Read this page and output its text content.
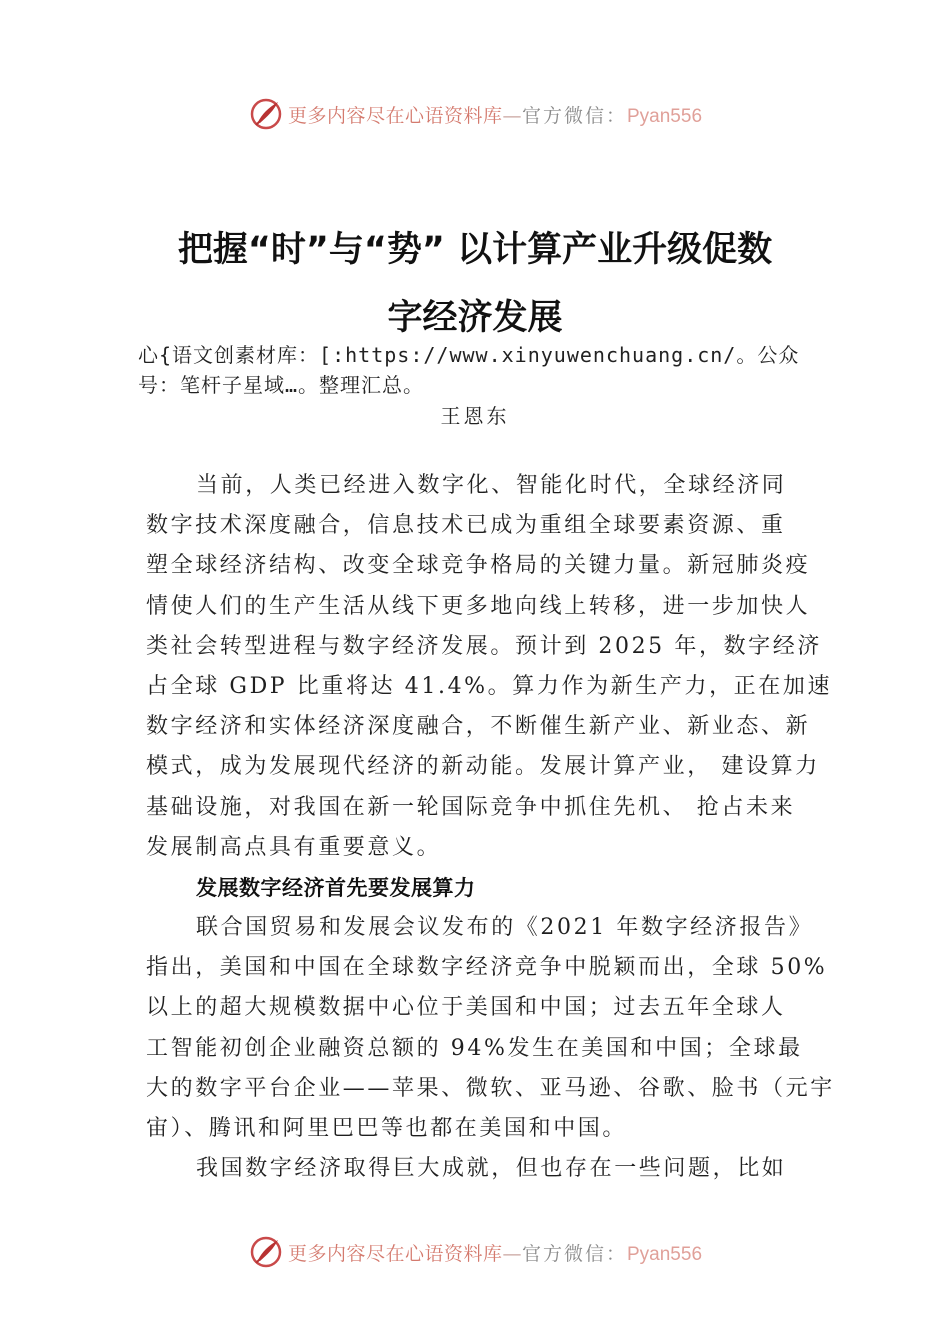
更多内容尽在心语资料库—官方微信：Pyan556
把握“时”与“势” 以计算产业升级促数
字经济发展
心{语文创素材库：[:https://www.xinyuwenchuang.cn/。公众
号：笔杆子星域…。整理汇总。
王恩东
当前，人类已经进入数字化、智能化时代，全球经济同
数字技术深度融合，信息技术已成为重组全球要素资源、重
塑全球经济结构、改变全球竞争格局的关键力量。新冠肺炎疫
情使人们的生产生活从线下更多地向线上转移，进一步加快人
类社会转型进程与数字经济发展。预计到 2025 年，数字经济
占全球 GDP 比重将达 41.4%。算力作为新生产力，正在加速
数字经济和实体经济深度融合，不断催生新产业、新业态、新
模式，成为发展现代经济的新动能。发展计算产业， 建设算力
基础设施，对我国在新一轮国际竞争中抓住先机、 抢占未来
发展制高点具有重要意义。
发展数字经济首先要发展算力
联合国贸易和发展会议发布的《2021 年数字经济报告》
指出，美国和中国在全球数字经济竞争中脱颖而出，全球 50%
以上的超大规模数据中心位于美国和中国；过去五年全球人
工智能初创企业融资总额的 94%发生在美国和中国；全球最
大的数字平台企业——苹果、微软、亚马逊、谷歌、脸书（元宇
宙）、腾讯和阿里巴巴等也都在美国和中国。
我国数字经济取得巨大成就，但也存在一些问题，比如
更多内容尽在心语资料库—官方微信：Pyan556
